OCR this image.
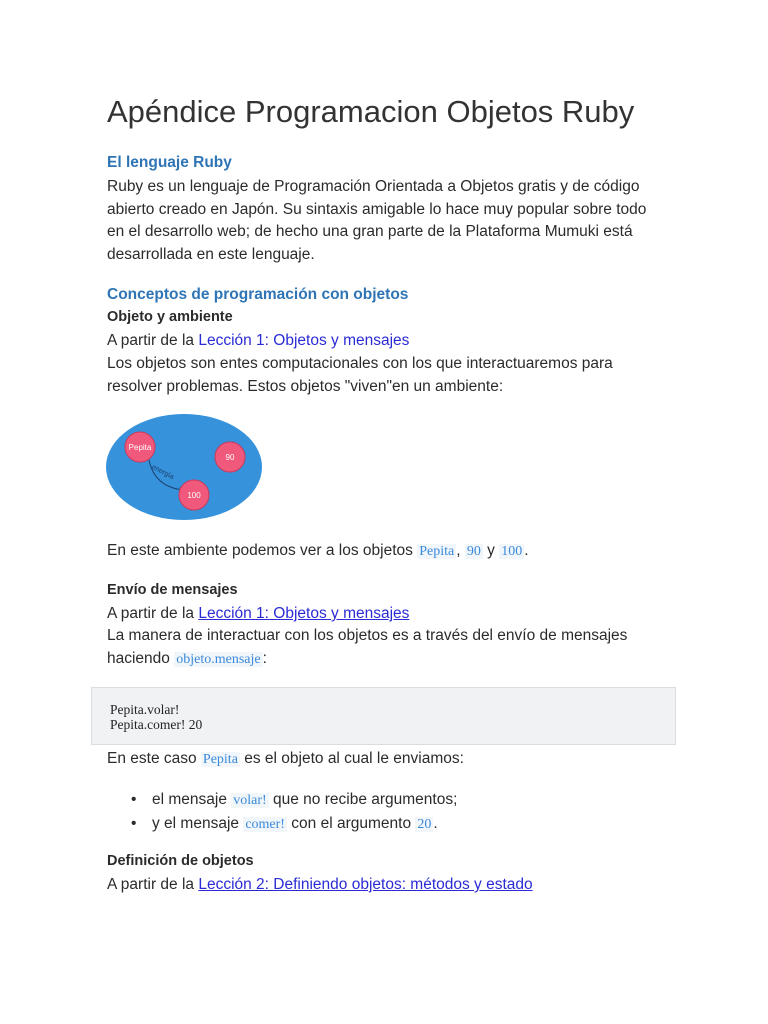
Apéndice Programacion Objetos Ruby
El lenguaje Ruby

Ruby es un lenguaje de Programación Orientada a Objetos gratis y de código abierto creado en Japón. Su sintaxis amigable lo hace muy popular sobre todo en el desarrollo web; de hecho una gran parte de la Plataforma Mumuki está desarrollada en este lenguaje.

Conceptos de programación con objetos
Objeto y ambiente
A partir de la Lección 1: Objetos y mensajes

Los objetos son entes computacionales con los que interactuaremos para resolver problemas. Estos objetos "viven"en un ambiente:

energía
Pepita
90
100
En este ambiente podemos ver a los objetos Pepita , 90 y 100 .
Envío de mensajes
A partir de la Lección 1: Objetos y mensajes
La manera de interactuar con los objetos es a través del envío de mensajes
haciendo objeto.mensaje :
Pepita.volar!
Pepita.comer! 20
En este caso Pepita es el objeto al cual le enviamos:
• el mensaje volar! que no recibe argumentos;
• y el mensaje comer! con el argumento 20 .
Definición de objetos
A partir de la Lección 2: Definiendo objetos: métodos y estado
